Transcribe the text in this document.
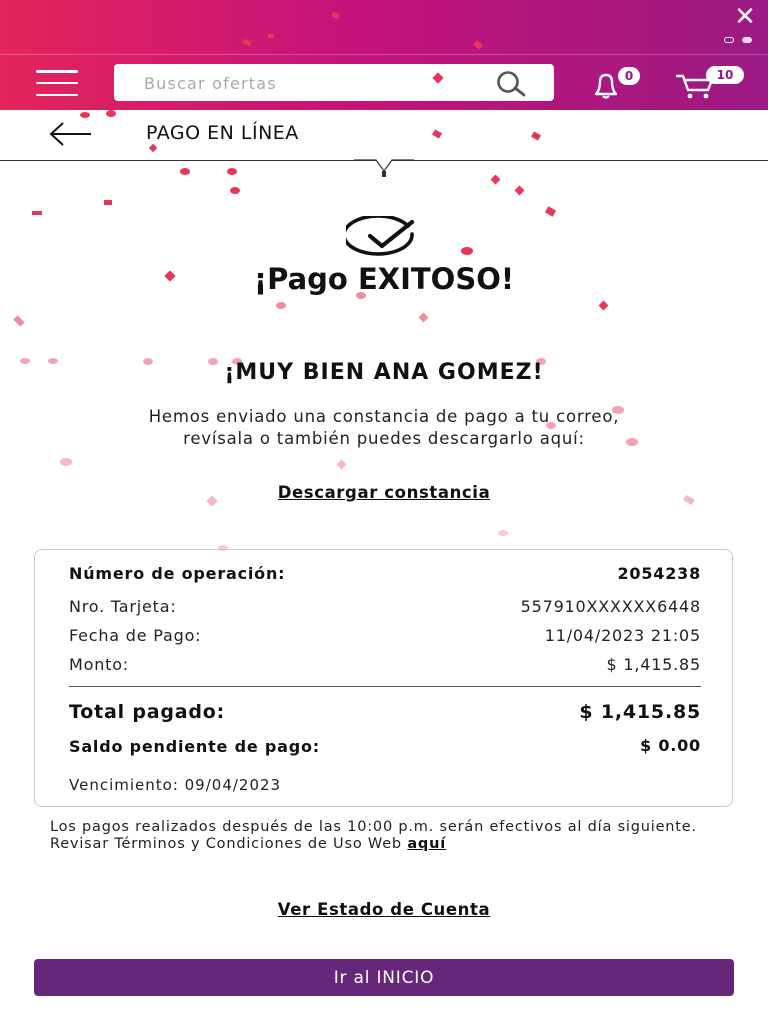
✕
Buscar ofertas
0	10
PAGO EN LÍNEA
¡Pago EXITOSO!
¡MUY BIEN ANA GOMEZ!
Hemos enviado una constancia de pago a tu correo,
revísala o también puedes descargarlo aquí:
Descargar constancia
Número de operación:	2054238
Nro. Tarjeta:	557910XXXXXX6448
Fecha de Pago:	11/04/2023 21:05
Monto:	$ 1,415.85
Total pagado:	$ 1,415.85
Saldo pendiente de pago:	$ 0.00
Vencimiento: 09/04/2023
Los pagos realizados después de las 10:00 p.m. serán efectivos al día siguiente.
Revisar Términos y Condiciones de Uso Web aquí
Ver Estado de Cuenta
Ir al INICIO
